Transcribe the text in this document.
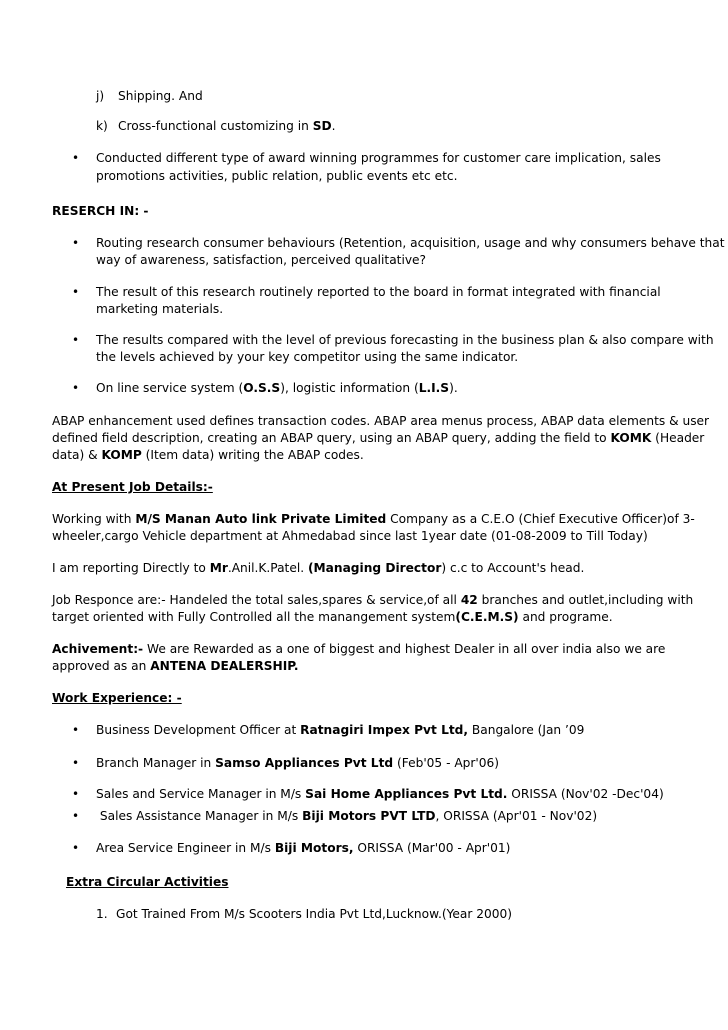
j) Shipping. And
k) Cross-functional customizing in SD.
• Conducted different type of award winning programmes for customer care implication, sales
promotions activities, public relation, public events etc etc.
RESERCH IN: -
• Routing research consumer behaviours (Retention, acquisition, usage and why consumers behave that
way of awareness, satisfaction, perceived qualitative?
• The result of this research routinely reported to the board in format integrated with financial
marketing materials.
• The results compared with the level of previous forecasting in the business plan & also compare with
the levels achieved by your key competitor using the same indicator.
• On line service system (O.S.S), logistic information (L.I.S).
ABAP enhancement used defines transaction codes. ABAP area menus process, ABAP data elements & user
defined field description, creating an ABAP query, using an ABAP query, adding the field to KOMK (Header
data) & KOMP (Item data) writing the ABAP codes.
At Present Job Details:-
Working with M/S Manan Auto link Private Limited Company as a C.E.O (Chief Executive Officer)of 3-
wheeler,cargo Vehicle department at Ahmedabad since last 1year date (01-08-2009 to Till Today)
I am reporting Directly to Mr.Anil.K.Patel. (Managing Director) c.c to Account's head.
Job Responce are:- Handeled the total sales,spares & service,of all 42 branches and outlet,including with
target oriented with Fully Controlled all the manangement system(C.E.M.S) and programe.
Achivement:- We are Rewarded as a one of biggest and highest Dealer in all over india also we are
approved as an ANTENA DEALERSHIP.
Work Experience: -
• Business Development Officer at Ratnagiri Impex Pvt Ltd, Bangalore (Jan ’09
• Branch Manager in Samso Appliances Pvt Ltd (Feb'05 - Apr'06)
• Sales and Service Manager in M/s Sai Home Appliances Pvt Ltd. ORISSA (Nov'02 -Dec'04)
• Sales Assistance Manager in M/s Biji Motors PVT LTD, ORISSA (Apr'01 - Nov'02)
• Area Service Engineer in M/s Biji Motors, ORISSA (Mar'00 - Apr'01)
Extra Circular Activities
1. Got Trained From M/s Scooters India Pvt Ltd,Lucknow.(Year 2000)
